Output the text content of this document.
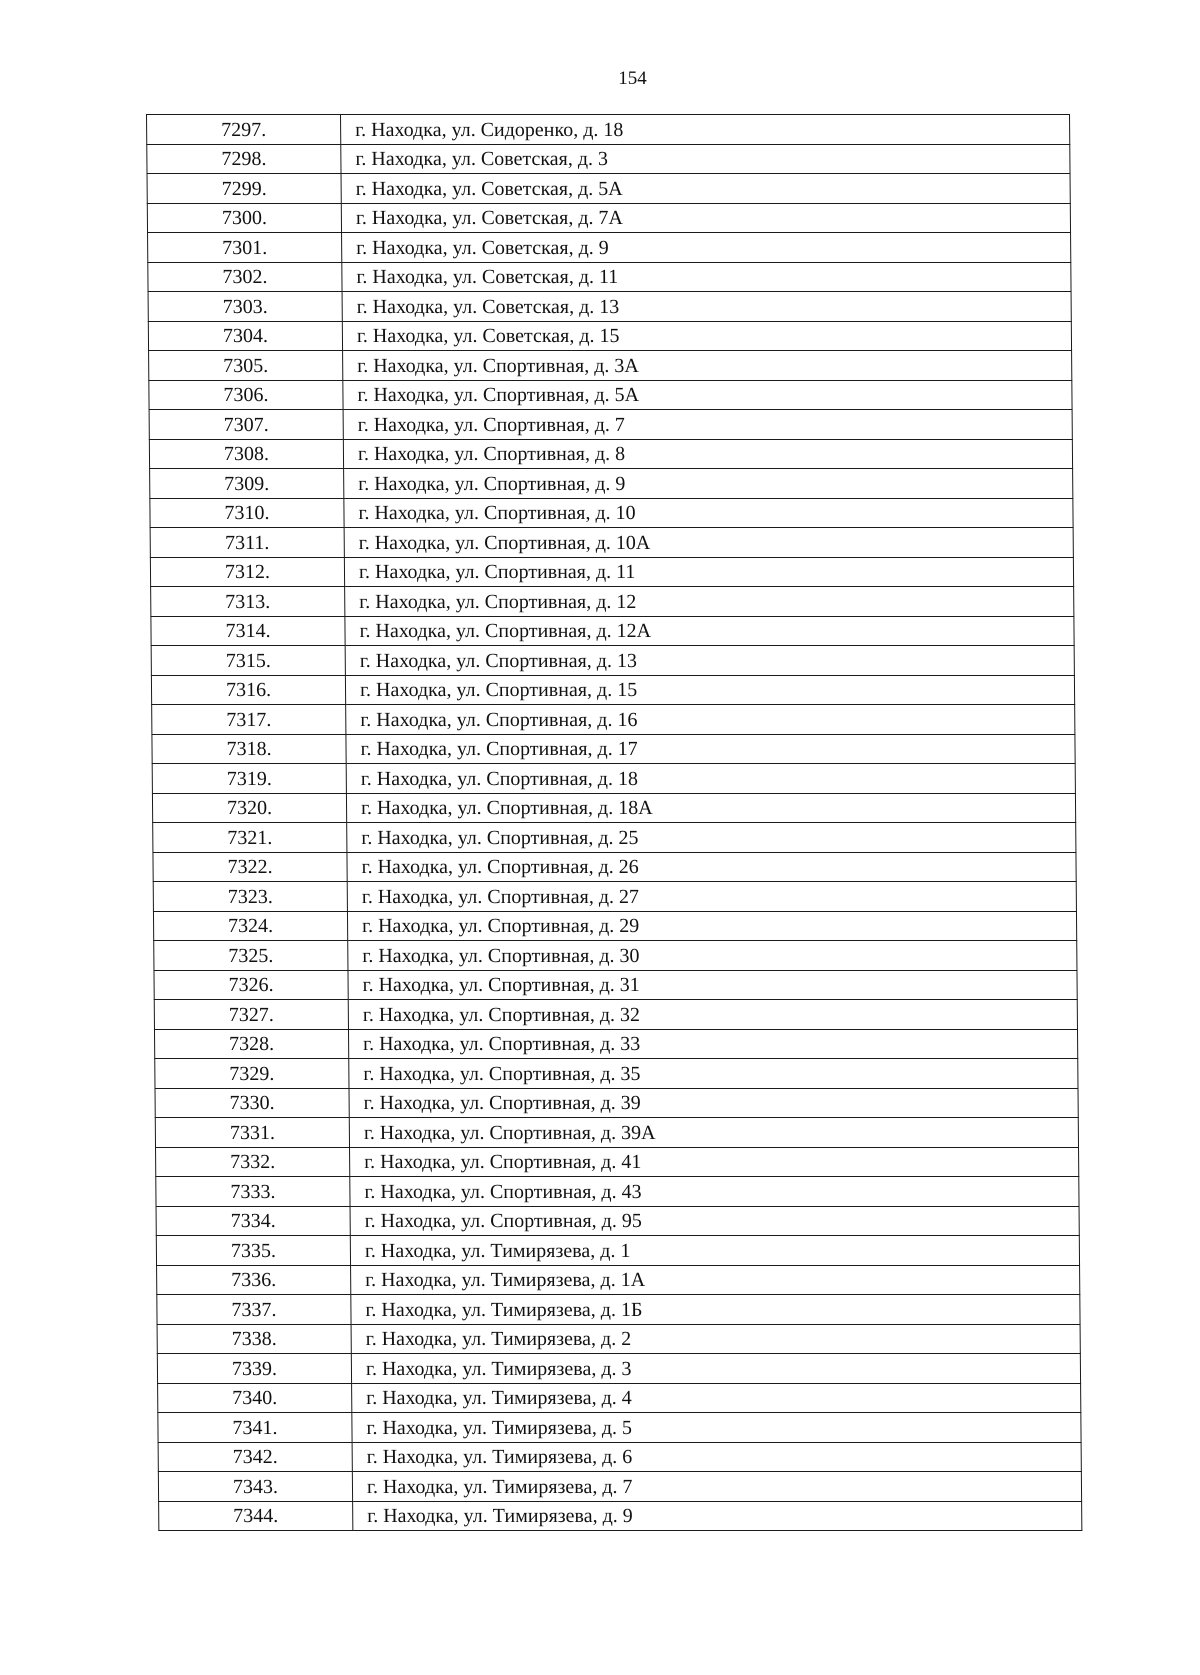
154
7297.	г. Находка, ул. Сидоренко, д. 18
7298.	г. Находка, ул. Советская, д. 3
7299.	г. Находка, ул. Советская, д. 5А
7300.	г. Находка, ул. Советская, д. 7А
7301.	г. Находка, ул. Советская, д. 9
7302.	г. Находка, ул. Советская, д. 11
7303.	г. Находка, ул. Советская, д. 13
7304.	г. Находка, ул. Советская, д. 15
7305.	г. Находка, ул. Спортивная, д. 3А
7306.	г. Находка, ул. Спортивная, д. 5А
7307.	г. Находка, ул. Спортивная, д. 7
7308.	г. Находка, ул. Спортивная, д. 8
7309.	г. Находка, ул. Спортивная, д. 9
7310.	г. Находка, ул. Спортивная, д. 10
7311.	г. Находка, ул. Спортивная, д. 10А
7312.	г. Находка, ул. Спортивная, д. 11
7313.	г. Находка, ул. Спортивная, д. 12
7314.	г. Находка, ул. Спортивная, д. 12А
7315.	г. Находка, ул. Спортивная, д. 13
7316.	г. Находка, ул. Спортивная, д. 15
7317.	г. Находка, ул. Спортивная, д. 16
7318.	г. Находка, ул. Спортивная, д. 17
7319.	г. Находка, ул. Спортивная, д. 18
7320.	г. Находка, ул. Спортивная, д. 18А
7321.	г. Находка, ул. Спортивная, д. 25
7322.	г. Находка, ул. Спортивная, д. 26
7323.	г. Находка, ул. Спортивная, д. 27
7324.	г. Находка, ул. Спортивная, д. 29
7325.	г. Находка, ул. Спортивная, д. 30
7326.	г. Находка, ул. Спортивная, д. 31
7327.	г. Находка, ул. Спортивная, д. 32
7328.	г. Находка, ул. Спортивная, д. 33
7329.	г. Находка, ул. Спортивная, д. 35
7330.	г. Находка, ул. Спортивная, д. 39
7331.	г. Находка, ул. Спортивная, д. 39А
7332.	г. Находка, ул. Спортивная, д. 41
7333.	г. Находка, ул. Спортивная, д. 43
7334.	г. Находка, ул. Спортивная, д. 95
7335.	г. Находка, ул. Тимирязева, д. 1
7336.	г. Находка, ул. Тимирязева, д. 1А
7337.	г. Находка, ул. Тимирязева, д. 1Б
7338.	г. Находка, ул. Тимирязева, д. 2
7339.	г. Находка, ул. Тимирязева, д. 3
7340.	г. Находка, ул. Тимирязева, д. 4
7341.	г. Находка, ул. Тимирязева, д. 5
7342.	г. Находка, ул. Тимирязева, д. 6
7343.	г. Находка, ул. Тимирязева, д. 7
7344.	г. Находка, ул. Тимирязева, д. 9
